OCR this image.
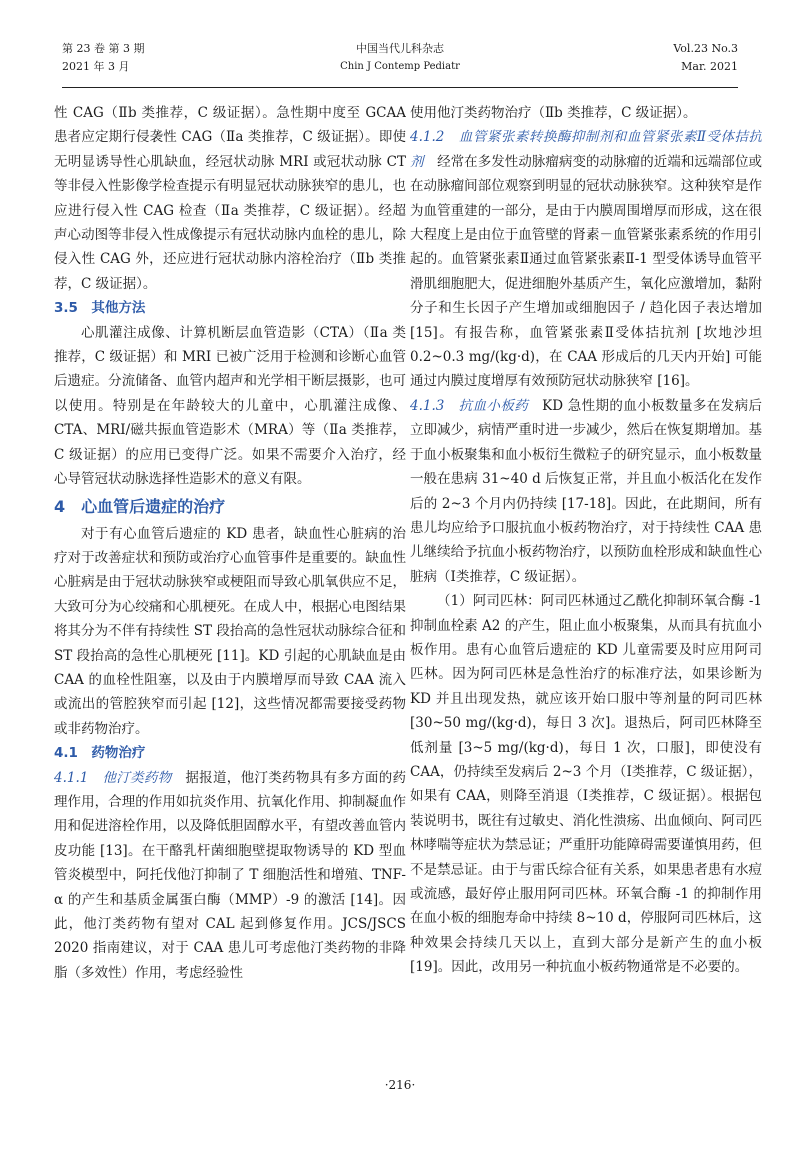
第 23 卷 第 3 期
2021 年 3 月
中国当代儿科杂志
Chin J Contemp Pediatr
Vol.23 No.3
Mar. 2021

性 CAG（Ⅱb 类推荐，C 级证据）。急性期中度至 GCAA 患者应定期行侵袭性 CAG（Ⅱa 类推荐，C 级证据）。即使无明显诱导性心肌缺血，经冠状动脉 MRI 或冠状动脉 CT 等非侵入性影像学检查提示有明显冠状动脉狭窄的患儿，也应进行侵入性 CAG 检查（Ⅱa 类推荐，C 级证据）。经超声心动图等非侵入性成像提示有冠状动脉内血栓的患儿，除侵入性 CAG 外，还应进行冠状动脉内溶栓治疗（Ⅱb 类推荐，C 级证据）。

3.5　其他方法

心肌灌注成像、计算机断层血管造影（CTA）（Ⅱa 类推荐，C 级证据）和 MRI 已被广泛用于检测和诊断心血管后遗症。分流储备、血管内超声和光学相干断层摄影，也可以使用。特别是在年龄较大的儿童中，心肌灌注成像、CTA、MRI/磁共振血管造影术（MRA）等（Ⅱa 类推荐，C 级证据）的应用已变得广泛。如果不需要介入治疗，经心导管冠状动脉选择性造影术的意义有限。

4　心血管后遗症的治疗

对于有心血管后遗症的 KD 患者，缺血性心脏病的治疗对于改善症状和预防或治疗心血管事件是重要的。缺血性心脏病是由于冠状动脉狭窄或梗阻而导致心肌氧供应不足，大致可分为心绞痛和心肌梗死。在成人中，根据心电图结果将其分为不伴有持续性 ST 段抬高的急性冠状动脉综合征和 ST 段抬高的急性心肌梗死 [11]。KD 引起的心肌缺血是由 CAA 的血栓性阻塞，以及由于内膜增厚而导致 CAA 流入或流出的管腔狭窄而引起 [12]，这些情况都需要接受药物或非药物治疗。

4.1　药物治疗

4.1.1　他汀类药物　 据报道，他汀类药物具有多方面的药理作用，合理的作用如抗炎作用、抗氧化作用、抑制凝血作用和促进溶栓作用，以及降低胆固醇水平，有望改善血管内皮功能 [13]。在干酪乳杆菌细胞壁提取物诱导的 KD 型血管炎模型中，阿托伐他汀抑制了 T 细胞活性和增殖、TNF-α 的产生和基质金属蛋白酶（MMP）-9 的激活 [14]。因此，他汀类药物有望对 CAL 起到修复作用。JCS/JSCS 2020 指南建议，对于 CAA 患儿可考虑他汀类药物的非降脂（多效性）作用，考虑经验性

使用他汀类药物治疗（Ⅱb 类推荐，C 级证据）。

4.1.2　血管紧张素转换酶抑制剂和血管紧张素Ⅱ受体拮抗剂　 经常在多发性动脉瘤病变的动脉瘤的近端和远端部位或在动脉瘤间部位观察到明显的冠状动脉狭窄。这种狭窄是作为血管重建的一部分，是由于内膜周围增厚而形成，这在很大程度上是由位于血管壁的肾素－血管紧张素系统的作用引起的。血管紧张素Ⅱ通过血管紧张素Ⅱ-1 型受体诱导血管平滑肌细胞肥大，促进细胞外基质产生，氧化应激增加，黏附分子和生长因子产生增加或细胞因子 / 趋化因子表达增加 [15]。有报告称，血管紧张素Ⅱ受体拮抗剂 [坎地沙坦 0.2~0.3 mg/(kg·d)，在 CAA 形成后的几天内开始] 可能通过内膜过度增厚有效预防冠状动脉狭窄 [16]。

4.1.3　抗血小板药　 KD 急性期的血小板数量多在发病后立即减少，病情严重时进一步减少，然后在恢复期增加。基于血小板聚集和血小板衍生微粒子的研究显示，血小板数量一般在患病 31~40 d 后恢复正常，并且血小板活化在发作后的 2~3 个月内仍持续 [17-18]。因此，在此期间，所有患儿均应给予口服抗血小板药物治疗，对于持续性 CAA 患儿继续给予抗血小板药物治疗，以预防血栓形成和缺血性心脏病（Ⅰ类推荐，C 级证据）。

（1）阿司匹林：阿司匹林通过乙酰化抑制环氧合酶 -1 抑制血栓素 A2 的产生，阻止血小板聚集，从而具有抗血小板作用。患有心血管后遗症的 KD 儿童需要及时应用阿司匹林。因为阿司匹林是急性治疗的标准疗法，如果诊断为 KD 并且出现发热，就应该开始口服中等剂量的阿司匹林 [30~50 mg/(kg·d)，每日 3 次]。退热后，阿司匹林降至低剂量 [3~5 mg/(kg·d)，每日 1 次，口服]，即使没有 CAA，仍持续至发病后 2~3 个月（Ⅰ类推荐，C 级证据），如果有 CAA，则降至消退（Ⅰ类推荐，C 级证据）。根据包装说明书，既往有过敏史、消化性溃疡、出血倾向、阿司匹林哮喘等症状为禁忌证；严重肝功能障碍需要谨慎用药，但不是禁忌证。由于与雷氏综合征有关系，如果患者患有水痘或流感，最好停止服用阿司匹林。环氧合酶 -1 的抑制作用在血小板的细胞寿命中持续 8~10 d，停服阿司匹林后，这种效果会持续几天以上，直到大部分是新产生的血小板 [19]。因此，改用另一种抗血小板药物通常是不必要的。

·216·
